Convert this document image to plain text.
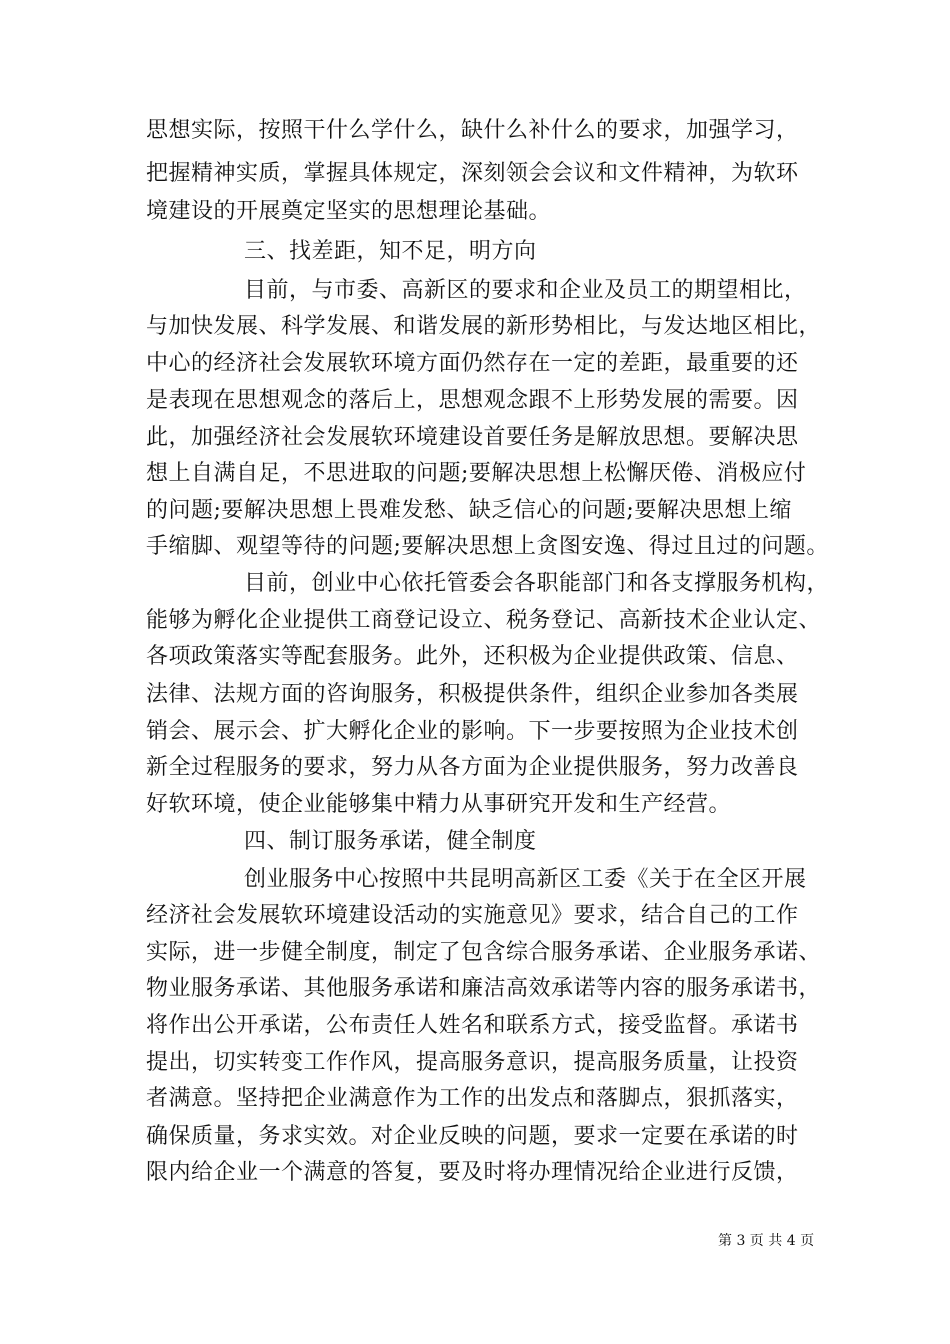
思想实际，按照干什么学什么，缺什么补什么的要求，加强学习，
把握精神实质，掌握具体规定，深刻领会会议和文件精神，为软环
境建设的开展奠定坚实的思想理论基础。
三、找差距，知不足，明方向
目前，与市委、高新区的要求和企业及员工的期望相比，
与加快发展、科学发展、和谐发展的新形势相比，与发达地区相比，
中心的经济社会发展软环境方面仍然存在一定的差距，最重要的还
是表现在思想观念的落后上，思想观念跟不上形势发展的需要。因
此，加强经济社会发展软环境建设首要任务是解放思想。要解决思
想上自满自足，不思进取的问题;要解决思想上松懈厌倦、消极应付
的问题;要解决思想上畏难发愁、缺乏信心的问题;要解决思想上缩
手缩脚、观望等待的问题;要解决思想上贪图安逸、得过且过的问题。
目前，创业中心依托管委会各职能部门和各支撑服务机构，
能够为孵化企业提供工商登记设立、税务登记、高新技术企业认定、
各项政策落实等配套服务。此外，还积极为企业提供政策、信息、
法律、法规方面的咨询服务，积极提供条件，组织企业参加各类展
销会、展示会、扩大孵化企业的影响。下一步要按照为企业技术创
新全过程服务的要求，努力从各方面为企业提供服务，努力改善良
好软环境，使企业能够集中精力从事研究开发和生产经营。
四、制订服务承诺，健全制度
创业服务中心按照中共昆明高新区工委《关于在全区开展
经济社会发展软环境建设活动的实施意见》要求，结合自己的工作
实际，进一步健全制度，制定了包含综合服务承诺、企业服务承诺、
物业服务承诺、其他服务承诺和廉洁高效承诺等内容的服务承诺书，
将作出公开承诺，公布责任人姓名和联系方式，接受监督。承诺书
提出，切实转变工作作风，提高服务意识，提高服务质量，让投资
者满意。坚持把企业满意作为工作的出发点和落脚点，狠抓落实，
确保质量，务求实效。对企业反映的问题，要求一定要在承诺的时
限内给企业一个满意的答复，要及时将办理情况给企业进行反馈，
第 3 页 共 4 页
